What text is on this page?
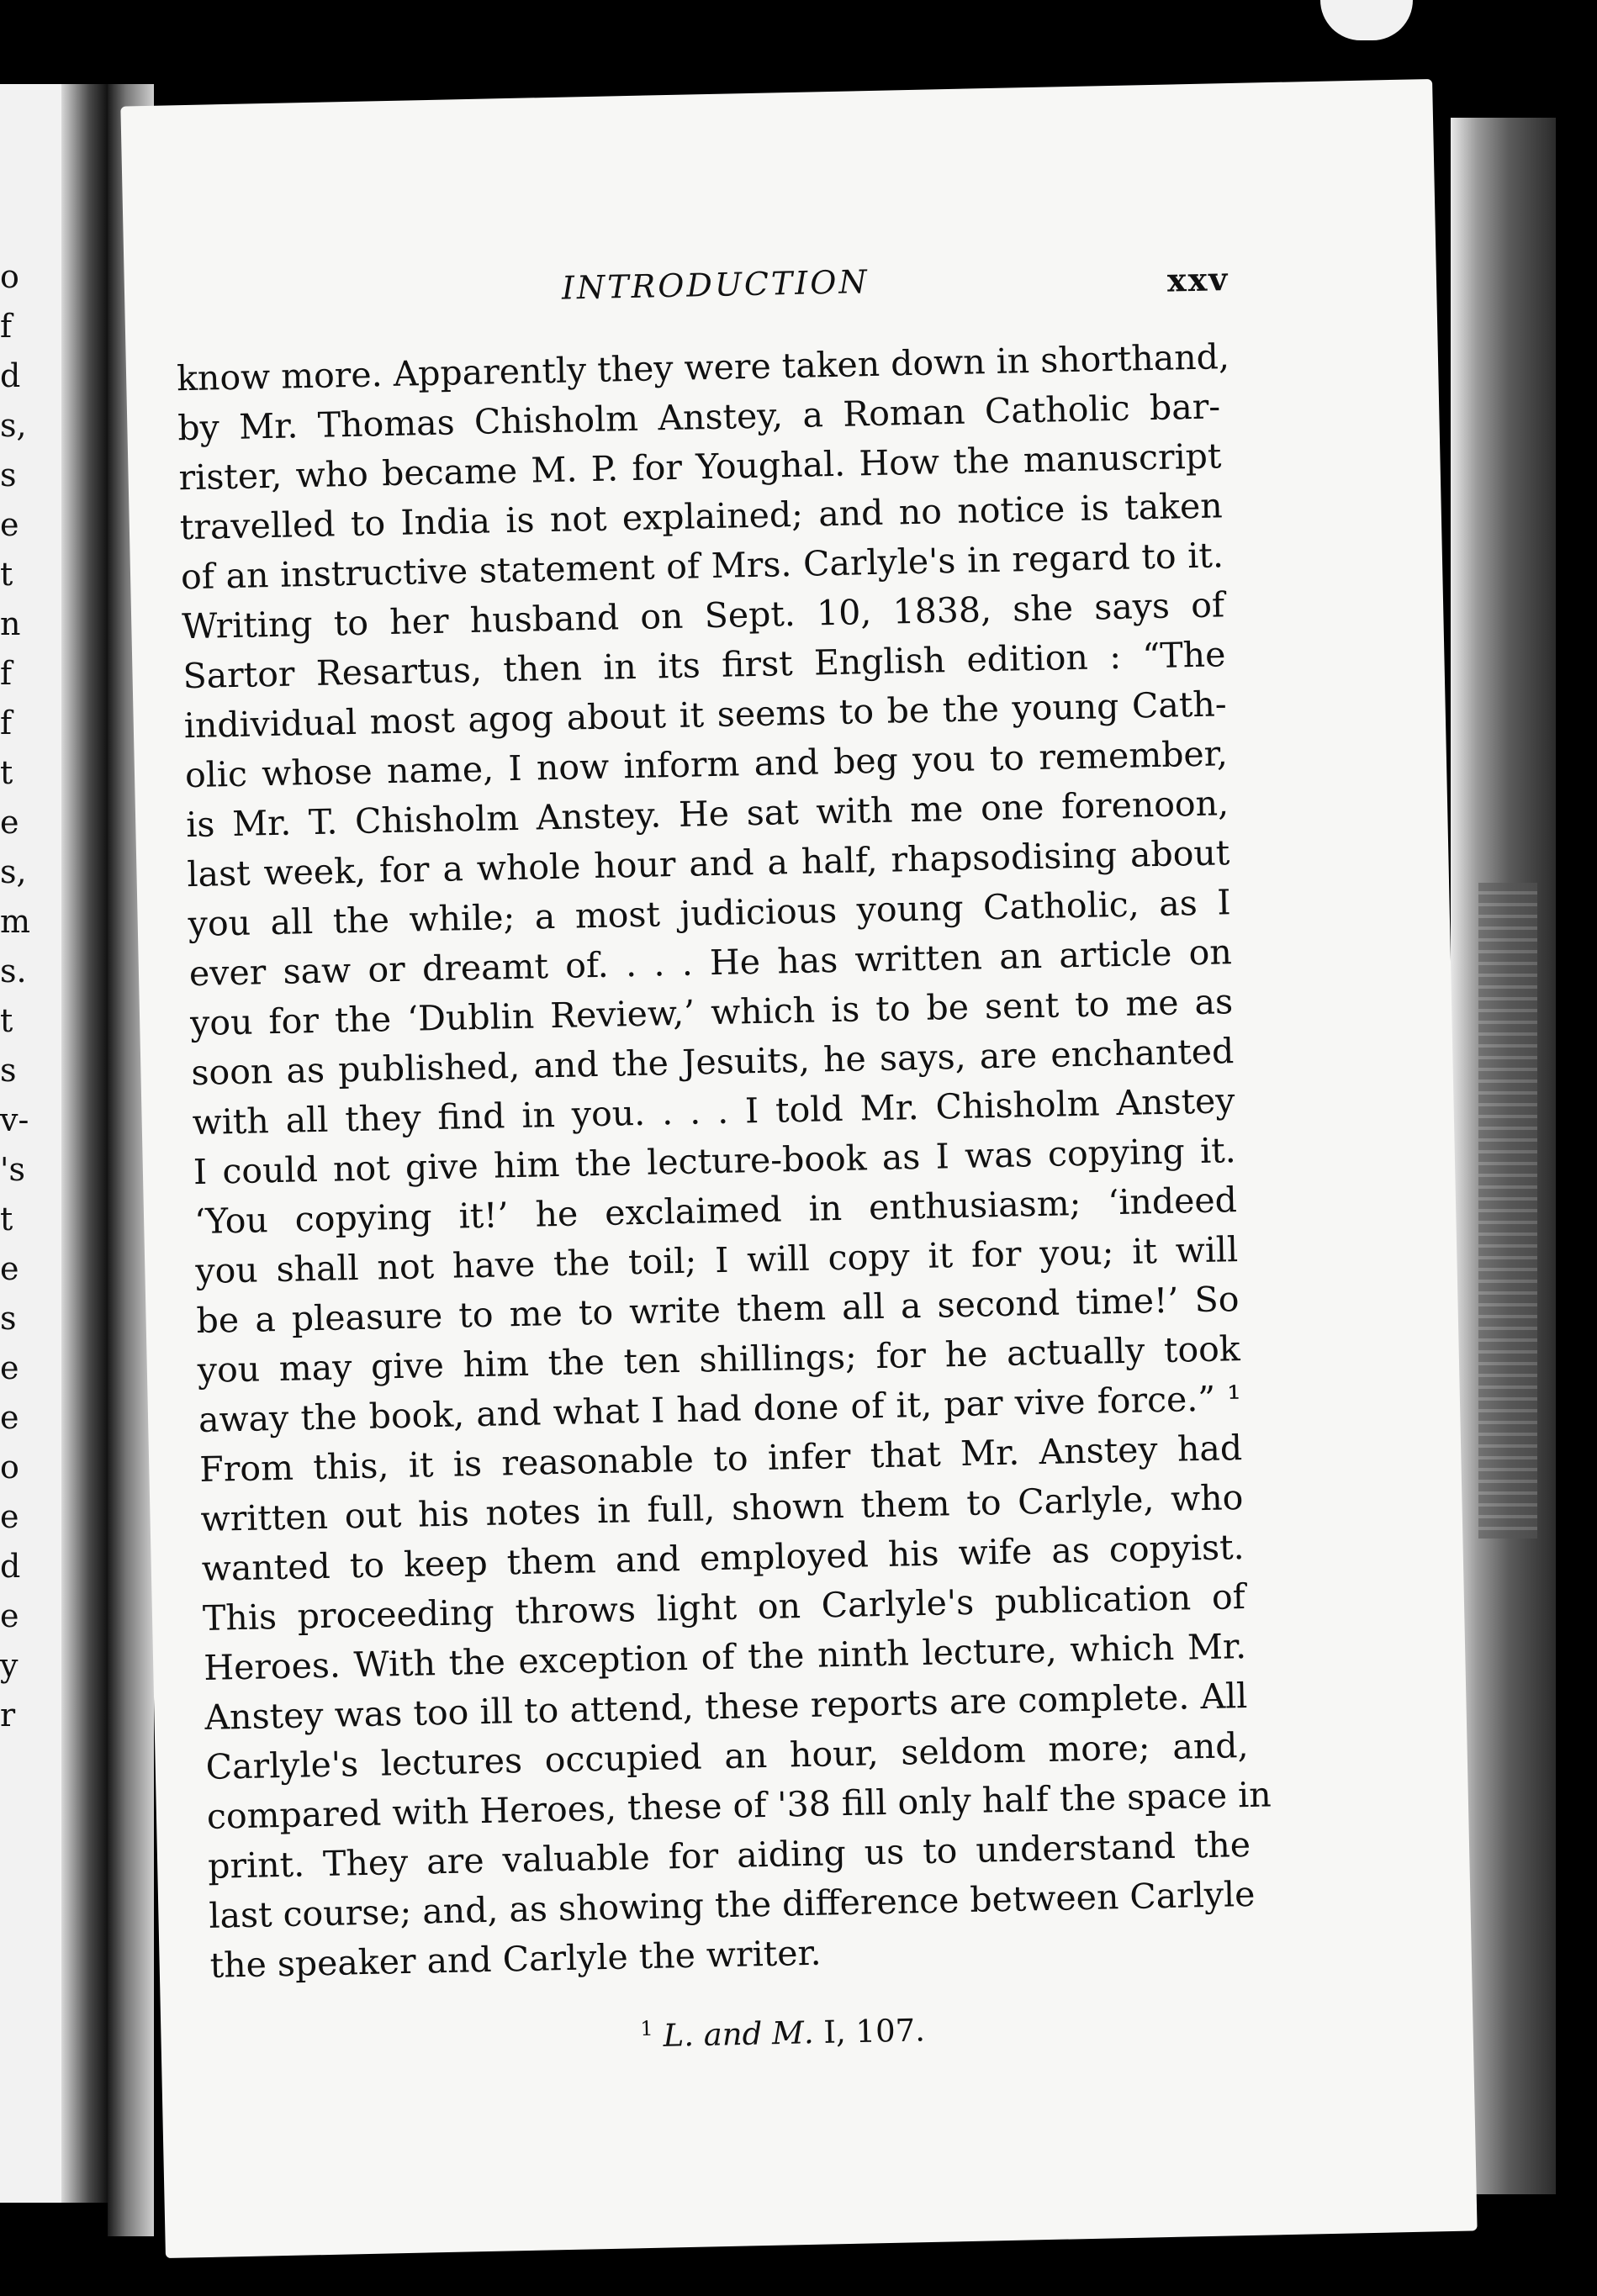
o
f
d
s,
s
e
t
n
f
f
t
e
s,
m
s.
t
s
v-
's
t
e
s
e
e
o
e
d
e
y
r
INTRODUCTION	xxv

know more. Apparently they were taken down in shorthand,

by Mr. Thomas Chisholm Anstey, a Roman Catholic bar-

rister, who became M. P. for Youghal. How the manuscript

travelled to India is not explained; and no notice is taken

of an instructive statement of Mrs. Carlyle's in regard to it.

Writing to her husband on Sept. 10, 1838, she says of

Sartor Resartus, then in its first English edition : “The

individual most agog about it seems to be the young Cath-

olic whose name, I now inform and beg you to remember,

is Mr. T. Chisholm Anstey. He sat with me one forenoon,

last week, for a whole hour and a half, rhapsodising about

you all the while; a most judicious young Catholic, as I

ever saw or dreamt of. . . . He has written an article on

you for the ‘Dublin Review,’ which is to be sent to me as

soon as published, and the Jesuits, he says, are enchanted

with all they find in you. . . . I told Mr. Chisholm Anstey

I could not give him the lecture-book as I was copying it.

‘You copying it!’ he exclaimed in enthusiasm; ‘indeed

you shall not have the toil; I will copy it for you; it will

be a pleasure to me to write them all a second time!’ So

you may give him the ten shillings; for he actually took

away the book, and what I had done of it, par vive force.” ¹

From this, it is reasonable to infer that Mr. Anstey had

written out his notes in full, shown them to Carlyle, who

wanted to keep them and employed his wife as copyist.

This proceeding throws light on Carlyle's publication of

Heroes. With the exception of the ninth lecture, which Mr.

Anstey was too ill to attend, these reports are complete. All

Carlyle's lectures occupied an hour, seldom more; and,

compared with Heroes, these of '38 fill only half the space in

print. They are valuable for aiding us to understand the

last course; and, as showing the difference between Carlyle

the speaker and Carlyle the writer.

$^1$ L. and M. I, 107.
